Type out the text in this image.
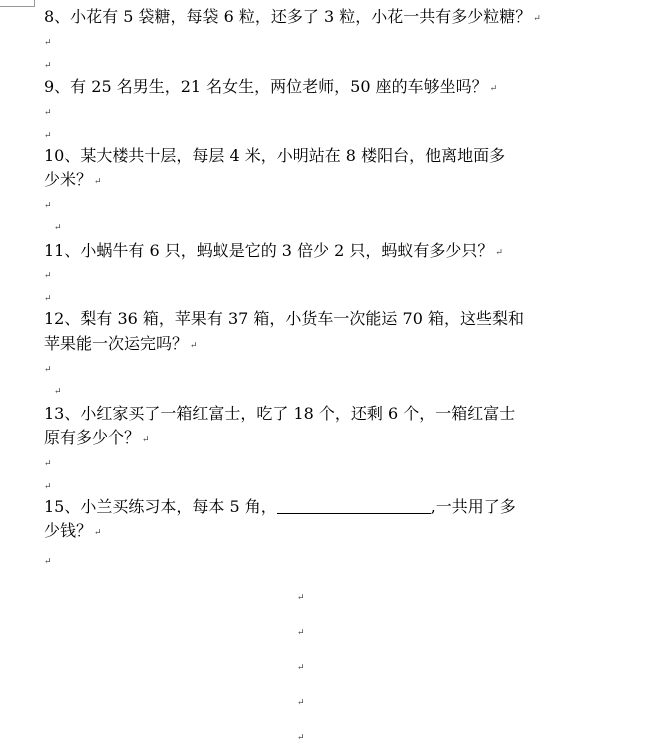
8、小花有 5 袋糖，每袋 6 粒，还多了 3 粒，小花一共有多少粒糖？ ↵
↵
↵
9、有 25 名男生，21 名女生，两位老师，50 座的车够坐吗？ ↵
↵
↵
10、某大楼共十层，每层 4 米，小明站在 8 楼阳台，他离地面多
少米？ ↵
↵
↵
11、小蜗牛有 6 只，蚂蚁是它的 3 倍少 2 只，蚂蚁有多少只？ ↵
↵
↵
12、梨有 36 箱，苹果有 37 箱，小货车一次能运 70 箱，这些梨和
苹果能一次运完吗？ ↵
↵
↵
13、小红家买了一箱红富士，吃了 18 个，还剩 6 个，一箱红富士
原有多少个？ ↵
↵
↵
15、小兰买练习本，每本 5 角，	,一共用了多
少钱？ ↵
↵
↵
↵
↵
↵
↵
